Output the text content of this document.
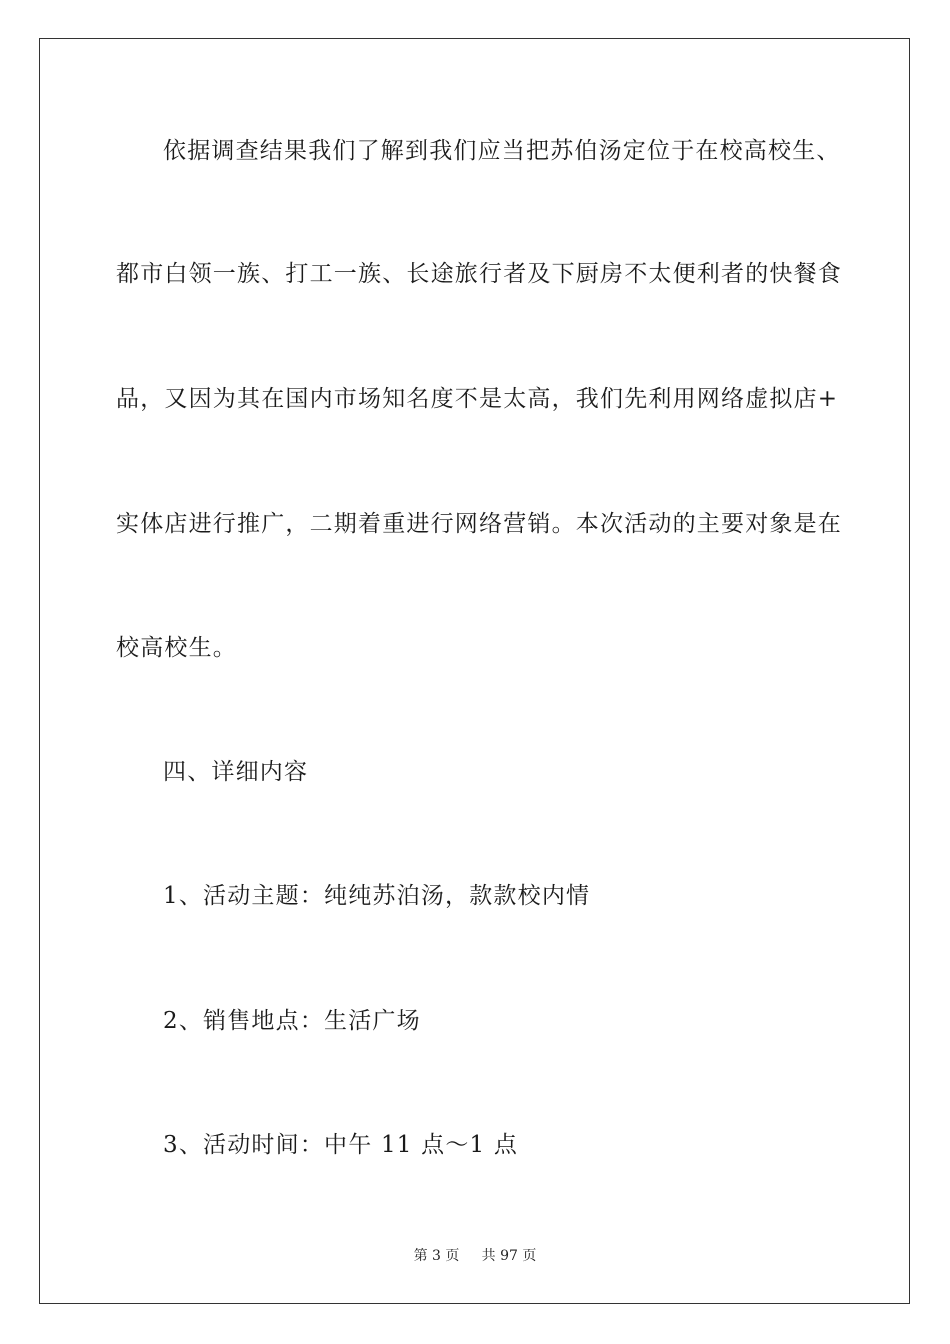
依据调查结果我们了解到我们应当把苏伯汤定位于在校高校生、
都市白领一族、打工一族、长途旅行者及下厨房不太便利者的快餐食
品，又因为其在国内市场知名度不是太高，我们先利用网络虚拟店+
实体店进行推广，二期着重进行网络营销。本次活动的主要对象是在
校高校生。
四、详细内容
1、活动主题：纯纯苏泊汤，款款校内情
2、销售地点：生活广场
3、活动时间：中午 11 点～1 点
第 3 页 共 97 页
